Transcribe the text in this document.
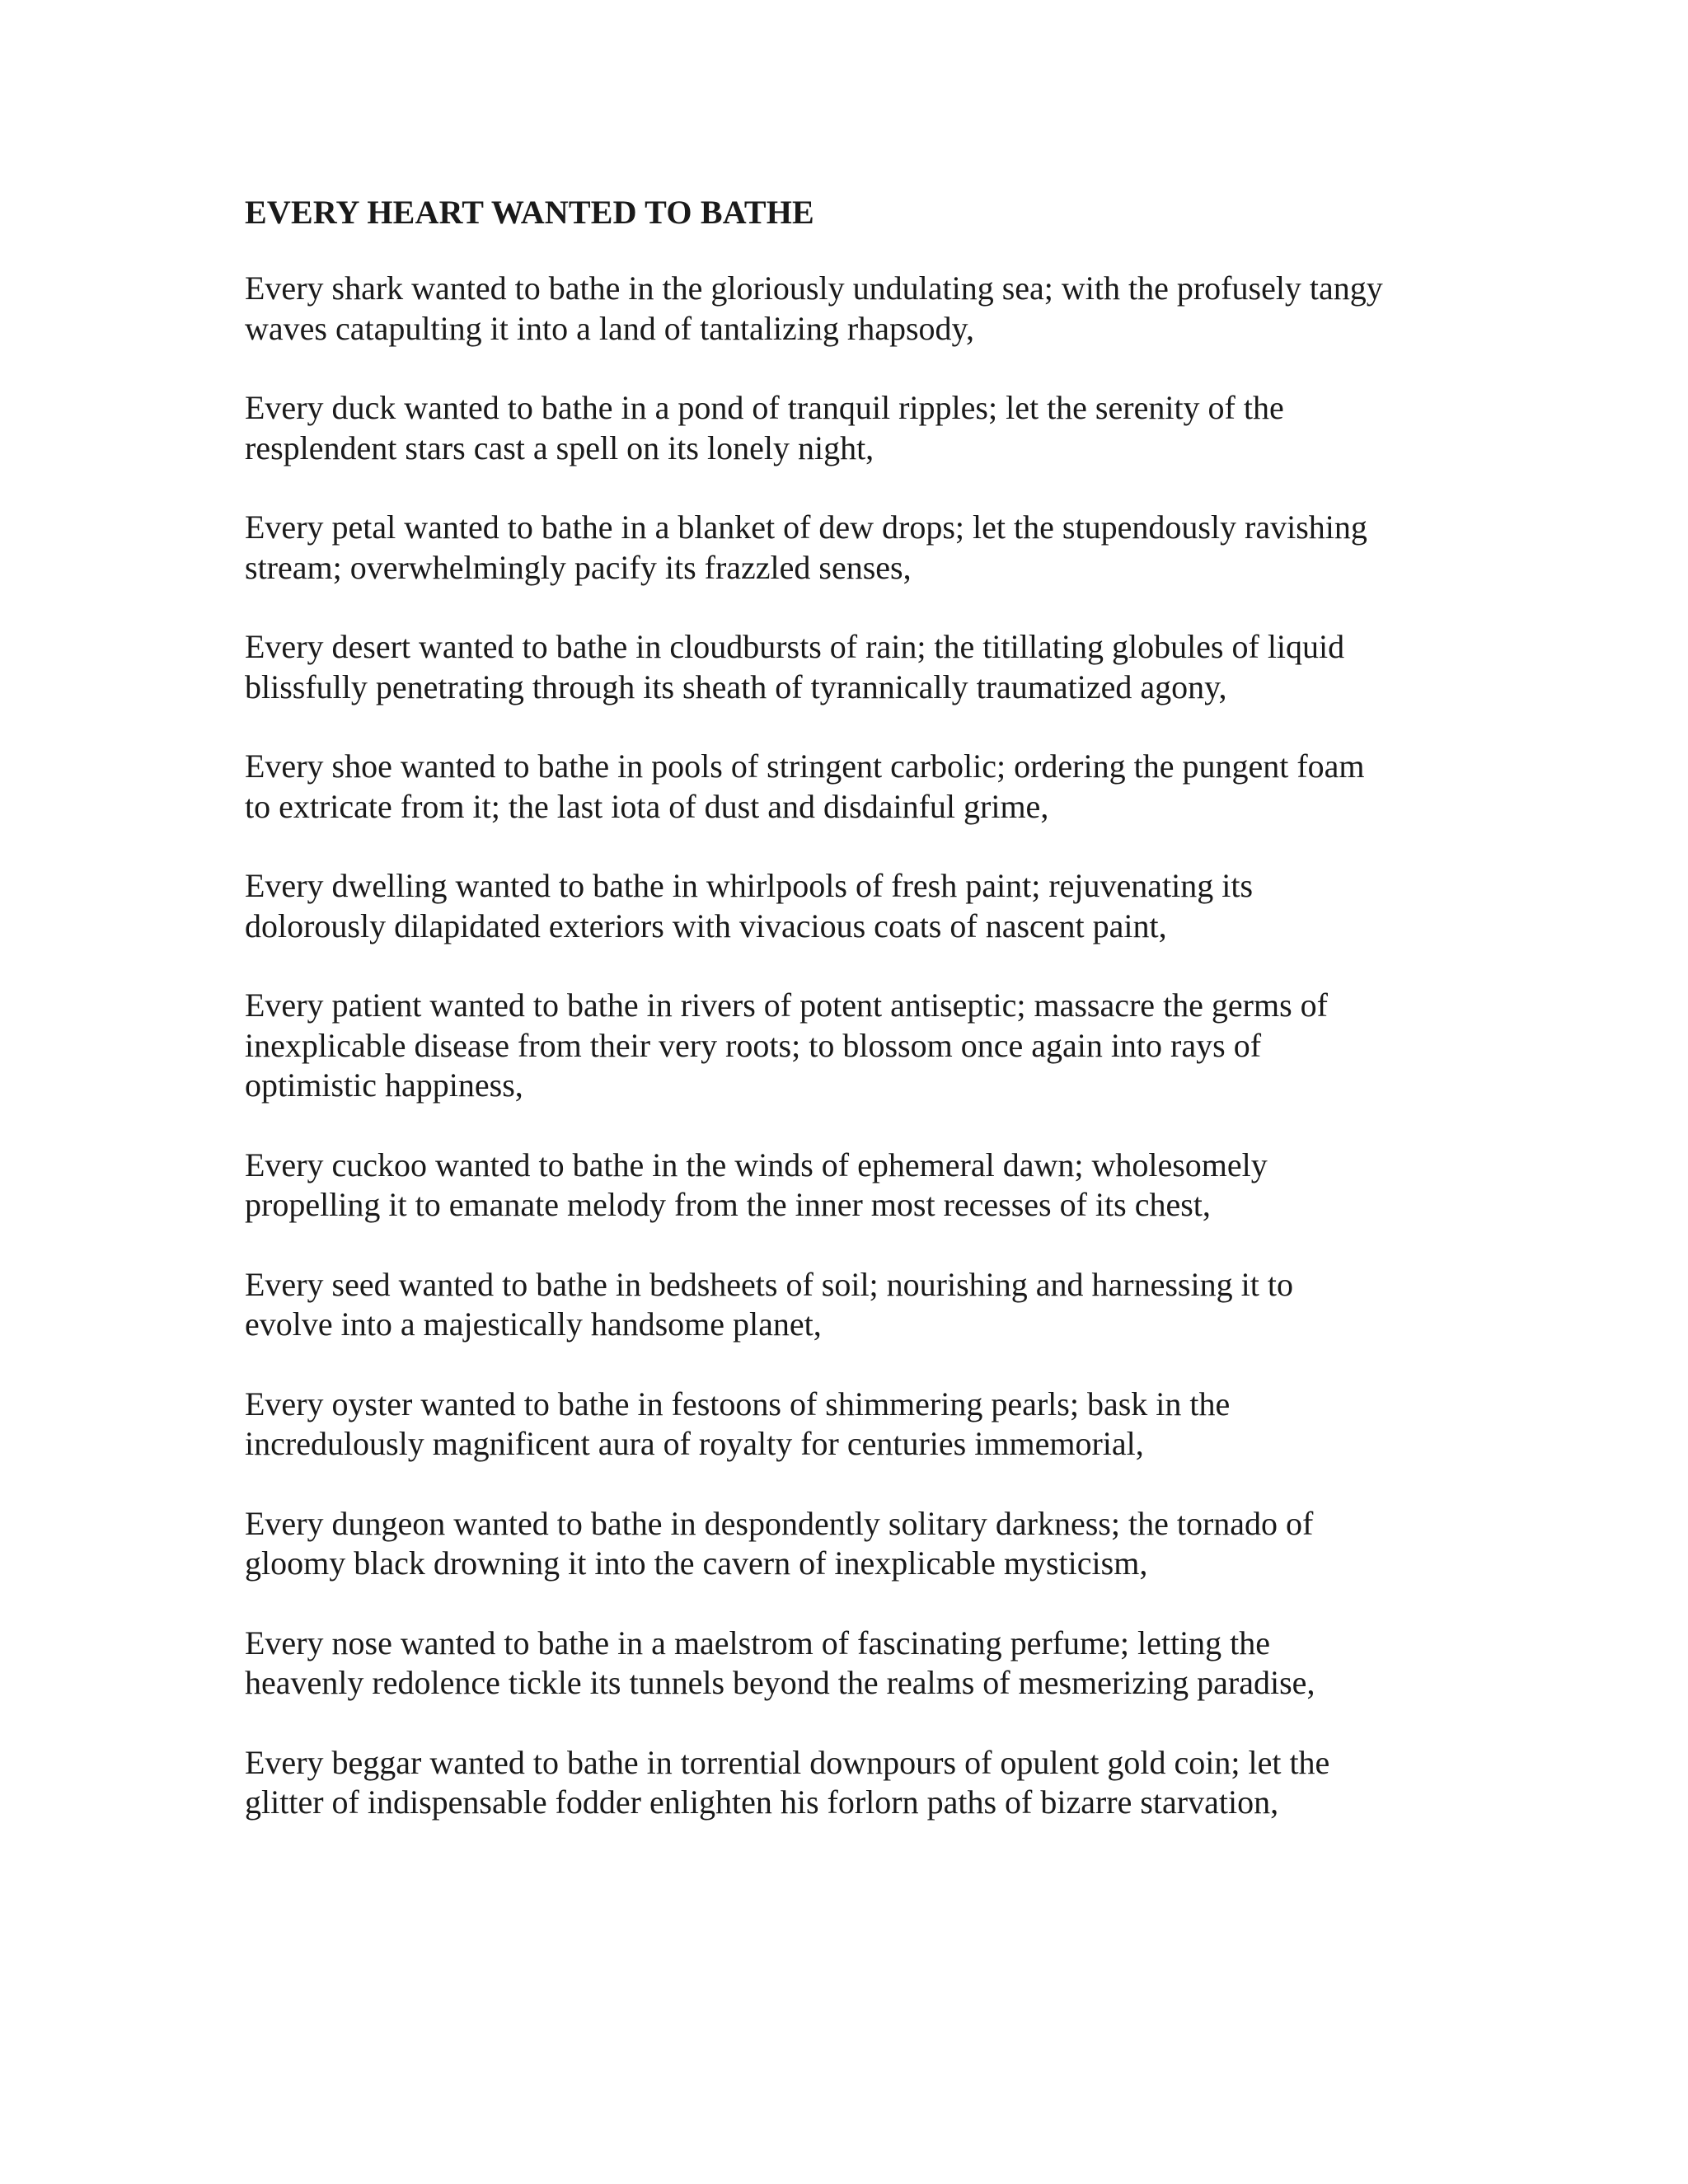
EVERY HEART WANTED TO BATHE

Every shark wanted to bathe in the gloriously undulating sea; with the profusely tangy
waves catapulting it into a land of tantalizing rhapsody,

Every duck wanted to bathe in a pond of tranquil ripples; let the serenity of the
resplendent stars cast a spell on its lonely night,

Every petal wanted to bathe in a blanket of dew drops; let the stupendously ravishing
stream; overwhelmingly pacify its frazzled senses,

Every desert wanted to bathe in cloudbursts of rain; the titillating globules of liquid
blissfully penetrating through its sheath of tyrannically traumatized agony,

Every shoe wanted to bathe in pools of stringent carbolic; ordering the pungent foam
to extricate from it; the last iota of dust and disdainful grime,

Every dwelling wanted to bathe in whirlpools of fresh paint; rejuvenating its
dolorously dilapidated exteriors with vivacious coats of nascent paint,

Every patient wanted to bathe in rivers of potent antiseptic; massacre the germs of
inexplicable disease from their very roots; to blossom once again into rays of
optimistic happiness,

Every cuckoo wanted to bathe in the winds of ephemeral dawn; wholesomely
propelling it to emanate melody from the inner most recesses of its chest,

Every seed wanted to bathe in bedsheets of soil; nourishing and harnessing it to
evolve into a majestically handsome planet,

Every oyster wanted to bathe in festoons of shimmering pearls; bask in the
incredulously magnificent aura of royalty for centuries immemorial,

Every dungeon wanted to bathe in despondently solitary darkness; the tornado of
gloomy black drowning it into the cavern of inexplicable mysticism,

Every nose wanted to bathe in a maelstrom of fascinating perfume; letting the
heavenly redolence tickle its tunnels beyond the realms of mesmerizing paradise,

Every beggar wanted to bathe in torrential downpours of opulent gold coin; let the
glitter of indispensable fodder enlighten his forlorn paths of bizarre starvation,
